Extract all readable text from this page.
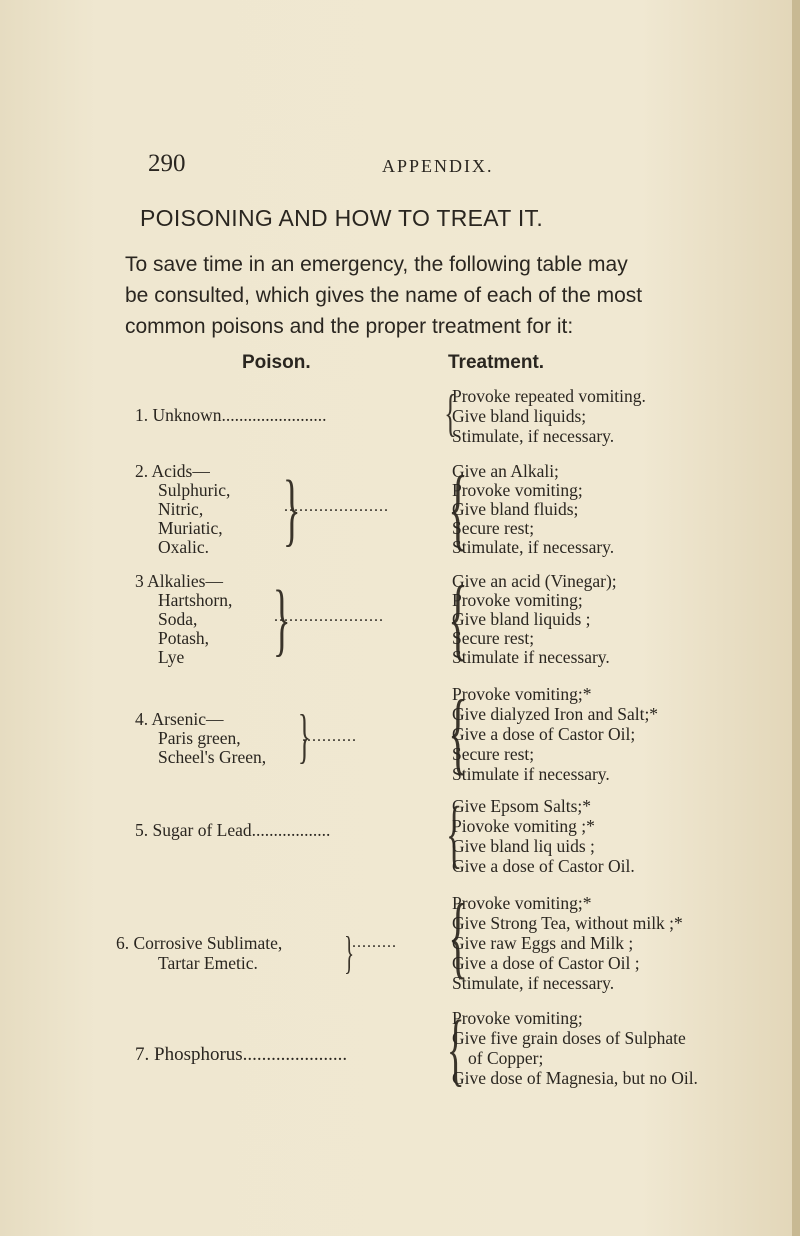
290	APPENDIX.
POISONING AND HOW TO TREAT IT.
To save time in an emergency, the following table may
be consulted, which gives the name of each of the most
common poisons and the proper treatment for it:
Poison.	Treatment.
1. Unknown........................ {
Provoke repeated vomiting.
Give bland liquids;
Stimulate, if necessary.
2. Acids—
Sulphuric,
Nitric,
Muriatic,
Oxalic. }
..................... {
Give an Alkali;
Provoke vomiting;
Give bland fluids;
Secure rest;
Stimulate, if necessary.
3 Alkalies—
Hartshorn,
Soda,
Potash,
Lye }
...................... {
Give an acid (Vinegar);
Provoke vomiting;
Give bland liquids ;
Secure rest;
Stimulate if necessary.
4. Arsenic—
Paris green,
Scheel's Green, }
........... {
Provoke vomiting;*
Give dialyzed Iron and Salt;*
Give a dose of Castor Oil;
Secure rest;
Stimulate if necessary.
5. Sugar of Lead.................. {
Give Epsom Salts;*
Piovoke vomiting ;*
Give bland liq uids ;
Give a dose of Castor Oil.
6. Corrosive Sublimate,
Tartar Emetic. }
......... {
Provoke vomiting;*
Give Strong Tea, without milk ;*
Give raw Eggs and Milk ;
Give a dose of Castor Oil ;
Stimulate, if necessary.
7. Phosphorus...................... {
Provoke vomiting;
Give five grain doses of Sulphate
of Copper;
Give dose of Magnesia, but no Oil.
